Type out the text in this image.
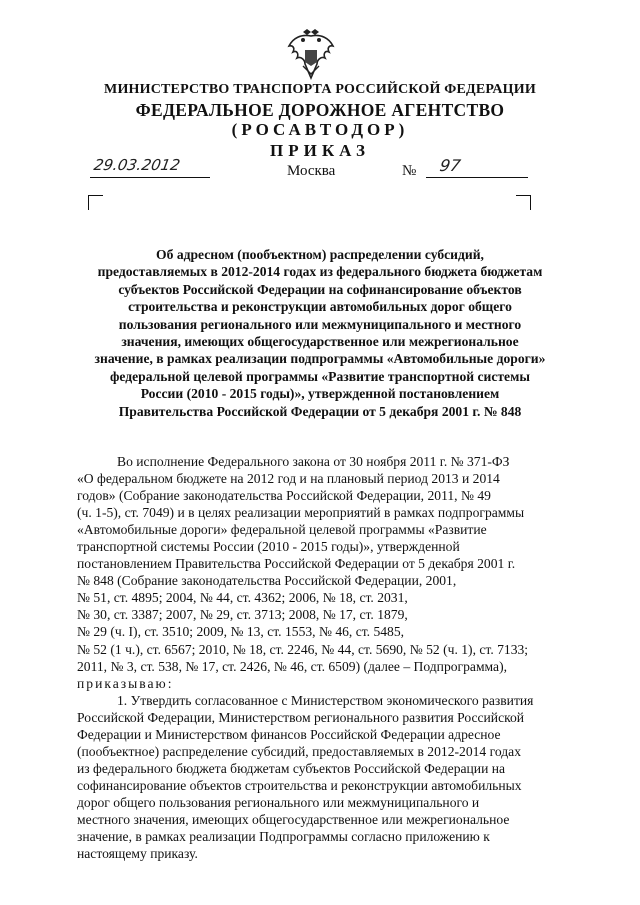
МИНИСТЕРСТВО ТРАНСПОРТА РОССИЙСКОЙ ФЕДЕРАЦИИ
ФЕДЕРАЛЬНОЕ ДОРОЖНОЕ АГЕНТСТВО
(РОСАВТОДОР)
ПРИКАЗ
29.03.2012	Москва	№ 97
Об адресном (пообъектном) распределении субсидий,
предоставляемых в 2012-2014 годах из федерального бюджета бюджетам
субъектов Российской Федерации на софинансирование объектов
строительства и реконструкции автомобильных дорог общего
пользования регионального или межмуниципального и местного
значения, имеющих общегосударственное или межрегиональное
значение, в рамках реализации подпрограммы «Автомобильные дороги»
федеральной целевой программы «Развитие транспортной системы
России (2010 - 2015 годы)», утвержденной постановлением
Правительства Российской Федерации от 5 декабря 2001 г. № 848
Во исполнение Федерального закона от 30 ноября 2011 г. № 371-ФЗ
«О федеральном бюджете на 2012 год и на плановый период 2013 и 2014
годов» (Собрание законодательства Российской Федерации, 2011, № 49
(ч. 1-5), ст. 7049) и в целях реализации мероприятий в рамках подпрограммы
«Автомобильные дороги» федеральной целевой программы «Развитие
транспортной системы России (2010 - 2015 годы)», утвержденной
постановлением Правительства Российской Федерации от 5 декабря 2001 г.
№ 848 (Собрание законодательства Российской Федерации, 2001,
№ 51, ст. 4895; 2004, № 44, ст. 4362; 2006, № 18, ст. 2031,
№ 30, ст. 3387; 2007, № 29, ст. 3713; 2008, № 17, ст. 1879,
№ 29 (ч. I), ст. 3510; 2009, № 13, ст. 1553, № 46, ст. 5485,
№ 52 (1 ч.), ст. 6567; 2010, № 18, ст. 2246, № 44, ст. 5690, № 52 (ч. 1), ст. 7133;
2011, № 3, ст. 538, № 17, ст. 2426, № 46, ст. 6509) (далее – Подпрограмма),
приказываю:
1. Утвердить согласованное с Министерством экономического развития
Российской Федерации, Министерством регионального развития Российской
Федерации и Министерством финансов Российской Федерации адресное
(пообъектное) распределение субсидий, предоставляемых в 2012-2014 годах
из федерального бюджета бюджетам субъектов Российской Федерации на
софинансирование объектов строительства и реконструкции автомобильных
дорог общего пользования регионального или межмуниципального и
местного значения, имеющих общегосударственное или межрегиональное
значение, в рамках реализации Подпрограммы согласно приложению к
настоящему приказу.
